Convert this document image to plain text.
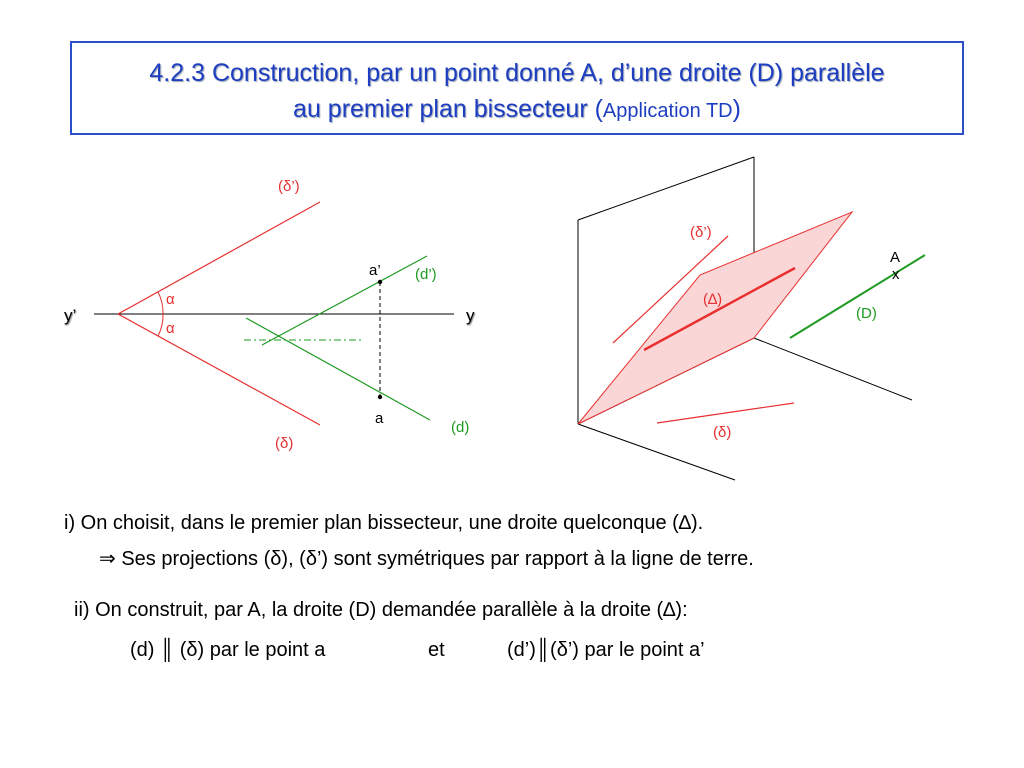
4.2.3 Construction, par un point donné A, d’une droite (D) parallèle
au premier plan bissecteur (Application TD)
(δ’)
(δ)
α
α
y’	y
a’
a
(d’)
(d)
(δ’)
(∆)
(δ)
A
x
(D)
i) On choisit, dans le premier plan bissecteur, une droite quelconque (∆).
⇒ Ses projections (δ), (δ’) sont symétriques par rapport à la ligne de terre.
ii) On construit, par A, la droite (D) demandée parallèle à la droite (∆):
(d) ║ (δ) par le point a	et	(d’)║(δ’) par le point a’
